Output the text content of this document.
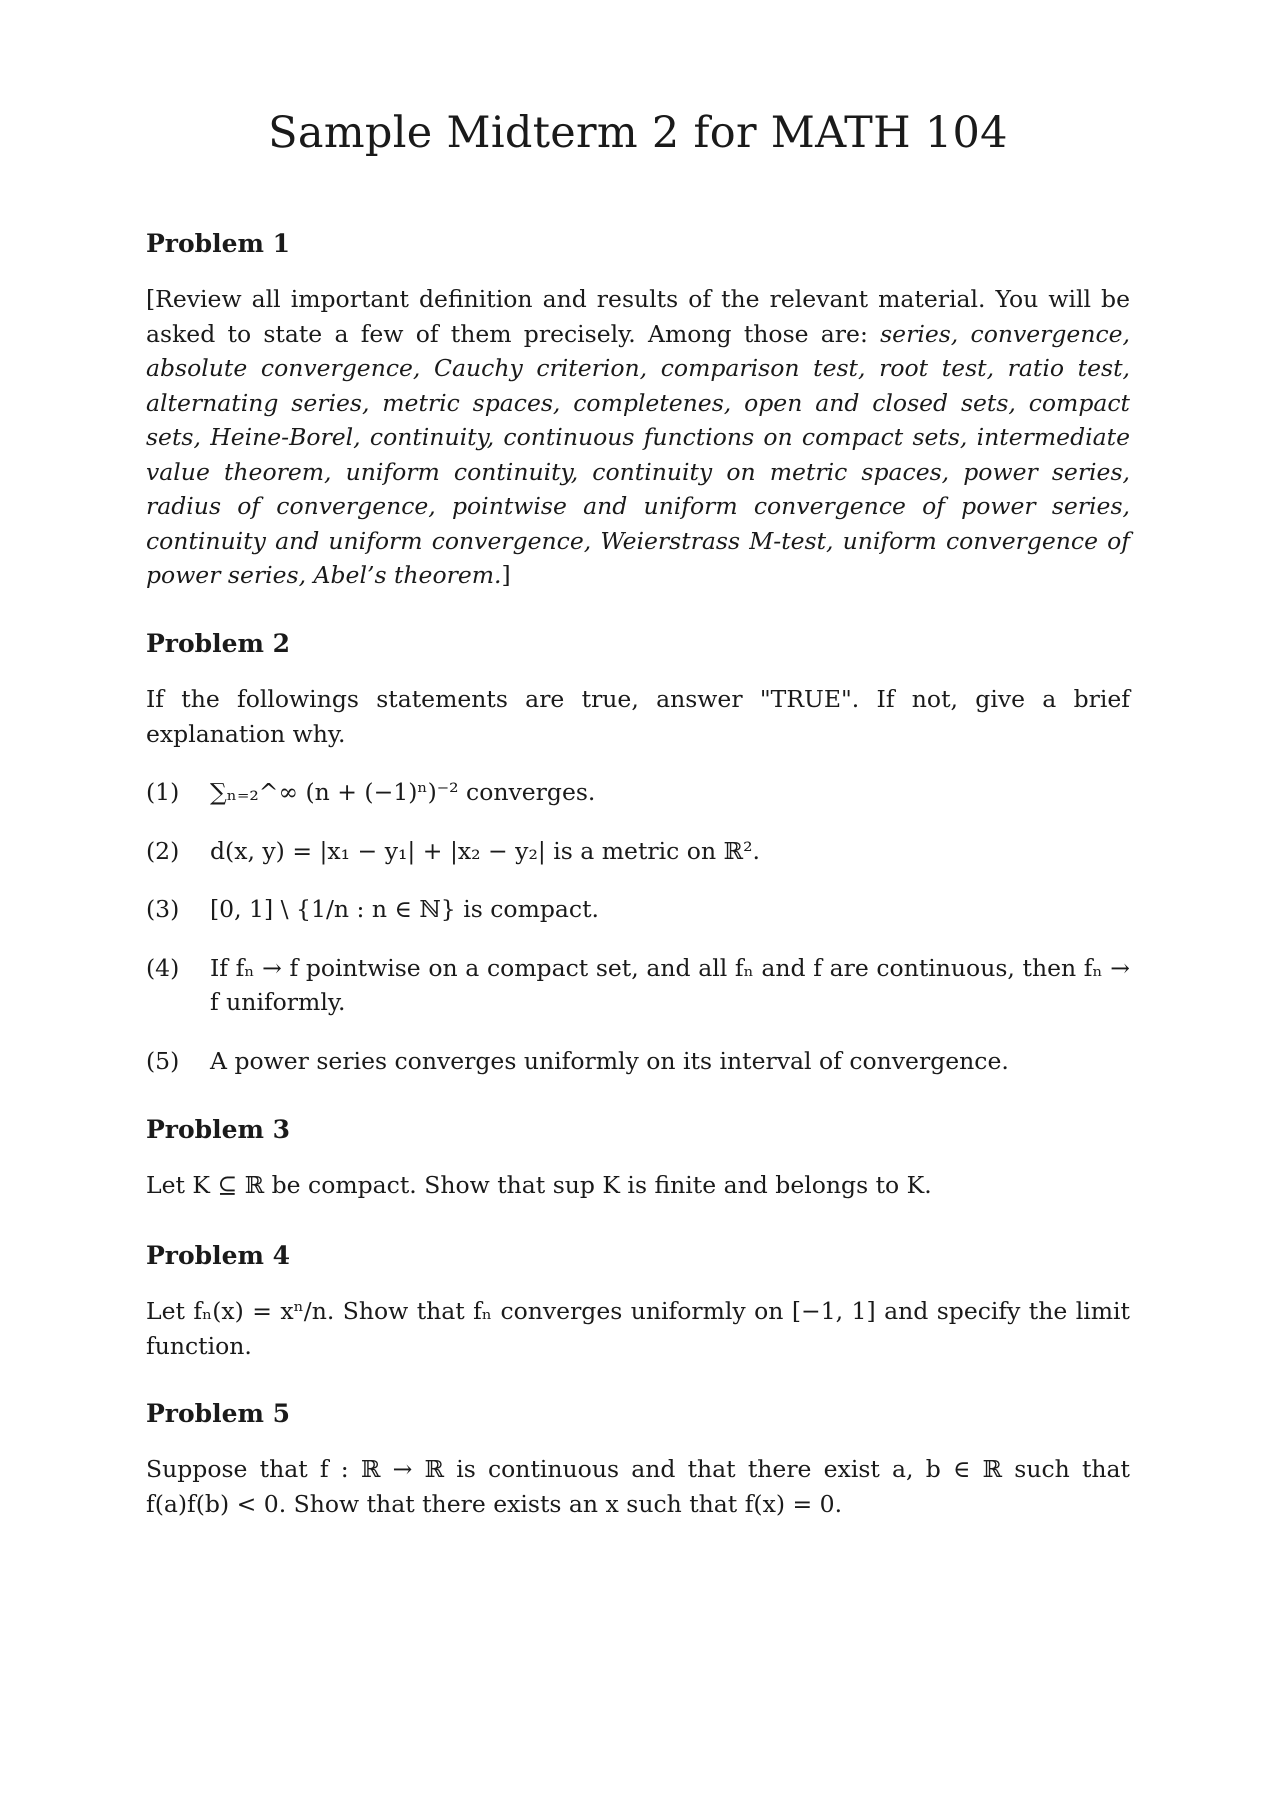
Sample Midterm 2 for MATH 104
Problem 1

[Review all important definition and results of the relevant material. You will be asked to state a few of them precisely. Among those are: series, convergence, absolute convergence, Cauchy criterion, comparison test, root test, ratio test, alternating series, metric spaces, completenes, open and closed sets, compact sets, Heine-Borel, continuity, continuous functions on compact sets, intermediate value theorem, uniform continuity, continuity on metric spaces, power series, radius of convergence, pointwise and uniform convergence of power series, continuity and uniform convergence, Weierstrass M-test, uniform convergence of power series, Abel’s theorem.]

Problem 2

If the followings statements are true, answer "TRUE". If not, give a brief explanation why.

(1)	∑ₙ₌₂^∞ (n + (−1)ⁿ)⁻² converges.
(2)	d(x, y) = |x₁ − y₁| + |x₂ − y₂| is a metric on ℝ².
(3)	[0, 1] \ {1/n : n ∈ ℕ} is compact.
(4)	If fₙ → f pointwise on a compact set, and all fₙ and f are continuous, then fₙ → f uniformly.
(5)	A power series converges uniformly on its interval of convergence.
Problem 3

Let K ⊆ ℝ be compact. Show that sup K is finite and belongs to K.

Problem 4

Let fₙ(x) = xⁿ/n. Show that fₙ converges uniformly on [−1, 1] and specify the limit function.

Problem 5

Suppose that f : ℝ → ℝ is continuous and that there exist a, b ∈ ℝ such that f(a)f(b) < 0. Show that there exists an x such that f(x) = 0.
